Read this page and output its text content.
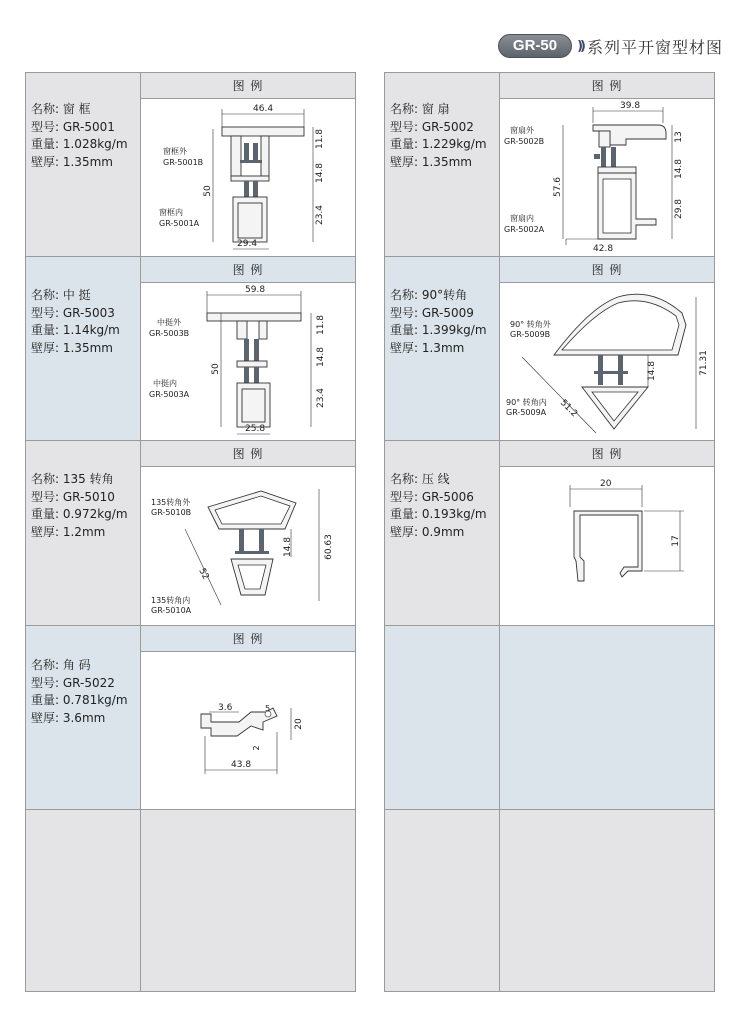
GR-50	)) 系列平开窗型材图
名称: 窗 框
型号: GR-5001
重量: 1.028kg/m
壁厚: 1.35mm
图 例
46.4
29.4
50
11.8
14.8
23.4
窗框外
GR-5001B
窗框内
GR-5001A
名称: 中 挺
型号: GR-5003
重量: 1.14kg/m
壁厚: 1.35mm
图 例
59.8
25.8
50
11.8
14.8
23.4
中挺外
GR-5003B
中挺内
GR-5003A
名称: 135 转角
型号: GR-5010
重量: 0.972kg/m
壁厚: 1.2mm
图 例
52
14.8	60.63
135转角外
GR-5010B
135转角内
GR-5010A
名称: 角 码
型号: GR-5022
重量: 0.781kg/m
壁厚: 3.6mm
图 例
3.6	5
2
20
43.8
名称: 窗 扇
型号: GR-5002
重量: 1.229kg/m
壁厚: 1.35mm
图 例
39.8
42.8
57.6
13
14.8
29.8
窗扇外
GR-5002B
窗扇内
GR-5002A
名称: 90°转角
型号: GR-5009
重量: 1.399kg/m
壁厚: 1.3mm
图 例
51.2
14.8	71.31
90° 转角外
GR-5009B
90° 转角内
GR-5009A
名称: 压 线
型号: GR-5006
重量: 0.193kg/m
壁厚: 0.9mm
图 例
20
17
